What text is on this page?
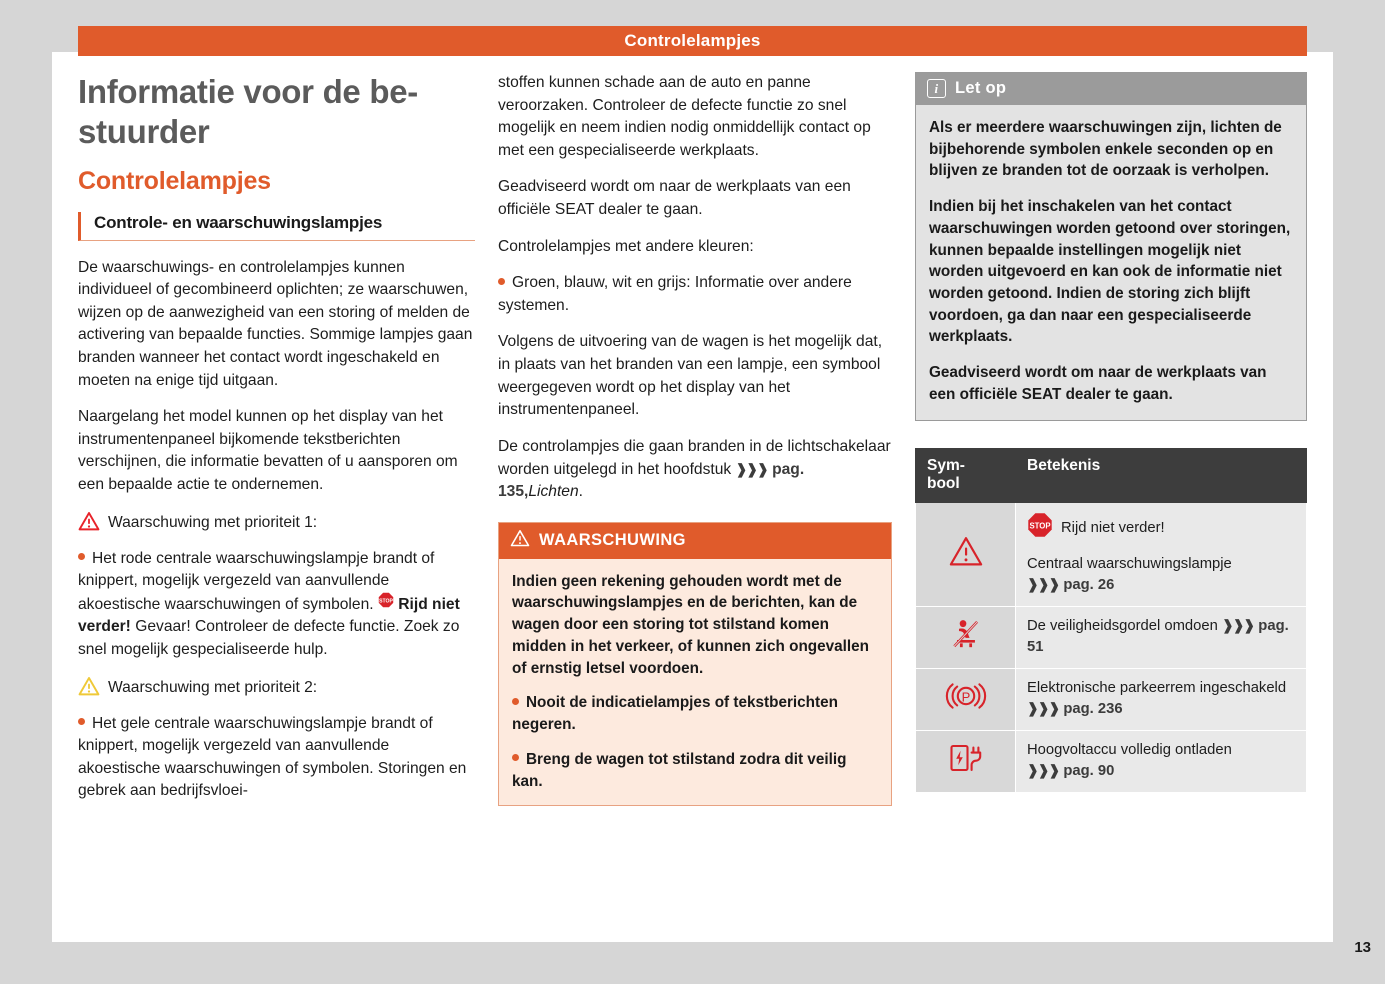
Controlelampjes
Informatie voor de be-stuurder
Controlelampjes
Controle- en waarschuwingslampjes

De waarschuwings- en controlelampjes kunnen individueel of gecombineerd oplichten; ze waarschuwen, wijzen op de aanwezigheid van een storing of melden de activering van bepaalde functies. Sommige lampjes gaan branden wanneer het contact wordt ingeschakeld en moeten na enige tijd uitgaan.

Naargelang het model kunnen op het display van het instrumentenpaneel bijkomende tekstberichten verschijnen, die informatie bevatten of u aansporen om een bepaalde actie te ondernemen.

Waarschuwing met prioriteit 1:

Het rode centrale waarschuwingslampje brandt of knippert, mogelijk vergezeld van aanvullende akoestische waarschuwingen of symbolen. STOP Rijd niet verder! Gevaar! Controleer de defecte functie. Zoek zo snel mogelijk gespecialiseerde hulp.

Waarschuwing met prioriteit 2:

Het gele centrale waarschuwingslampje brandt of knippert, mogelijk vergezeld van aanvullende akoestische waarschuwingen of symbolen. Storingen en gebrek aan bedrijfsvloei-

stoffen kunnen schade aan de auto en panne veroorzaken. Controleer de defecte functie zo snel mogelijk en neem indien nodig onmiddellijk contact op met een gespecialiseerde werkplaats.

Geadviseerd wordt om naar de werkplaats van een officiële SEAT dealer te gaan.

Controlelampjes met andere kleuren:

Groen, blauw, wit en grijs: Informatie over andere systemen.

Volgens de uitvoering van de wagen is het mogelijk dat, in plaats van het branden van een lampje, een symbool weergegeven wordt op het display van het instrumentenpaneel.

De controlampjes die gaan branden in de lichtschakelaar worden uitgelegd in het hoofdstuk ❱❱❱ pag. 135,Lichten.

WAARSCHUWING

Indien geen rekening gehouden wordt met de waarschuwingslampjes en de berichten, kan de wagen door een storing tot stilstand komen midden in het verkeer, of kunnen zich ongevallen of ernstig letsel voordoen.

Nooit de indicatielampjes of tekstberichten negeren.

Breng de wagen tot stilstand zodra dit veilig kan.

i	Let op

Als er meerdere waarschuwingen zijn, lichten de bijbehorende symbolen enkele seconden op en blijven ze branden tot de oorzaak is verholpen.

Indien bij het inschakelen van het contact waarschuwingen worden getoond over storingen, kunnen bepaalde instellingen mogelijk niet worden uitgevoerd en kan ook de informatie niet worden getoond. Indien de storing zich blijft voordoen, ga dan naar een gespecialiseerde werkplaats.

Geadviseerd wordt om naar de werkplaats van een officiële SEAT dealer te gaan.

Sym-
bool	Betekenis

STOP Rijd niet verder!
Centraal waarschuwingslampje
❱❱❱ pag. 26

	De veiligheidsgordel omdoen ❱❱❱ pag. 51

P	Elektronische parkeerrem ingeschakeld
❱❱❱ pag. 236
	Hoogvoltaccu volledig ontladen
❱❱❱ pag. 90
13
